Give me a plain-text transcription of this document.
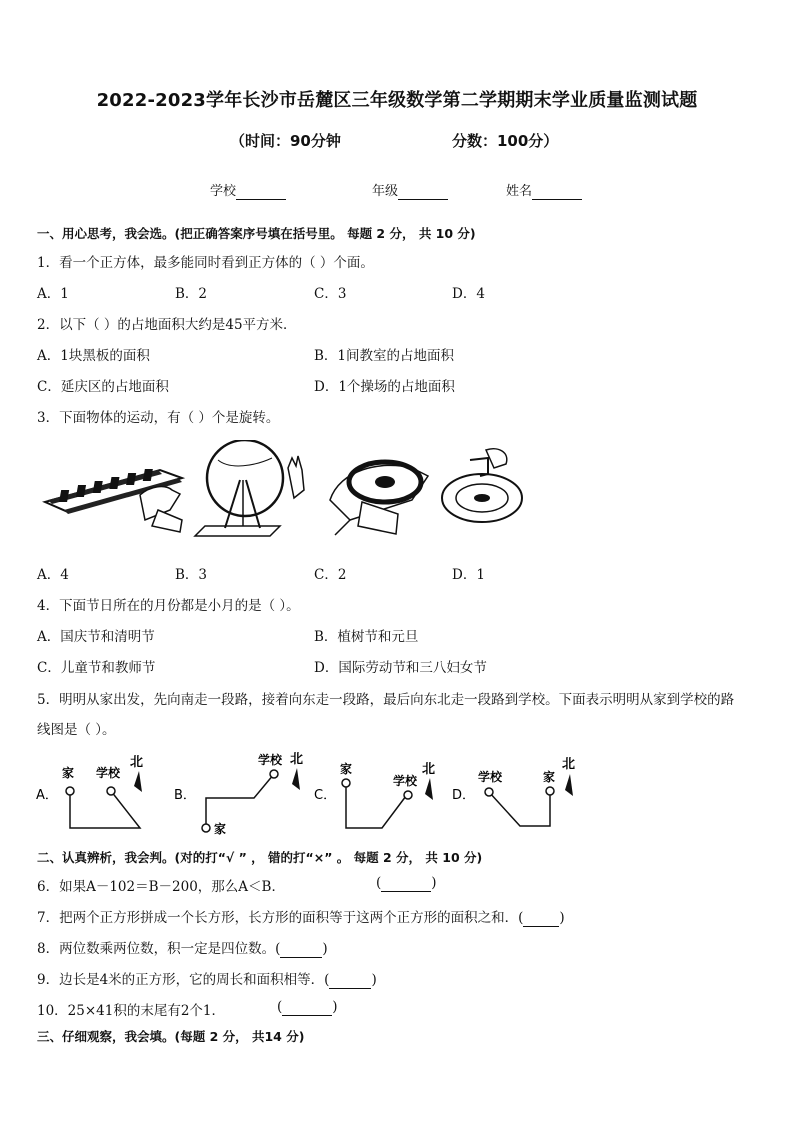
2022-2023学年长沙市岳麓区三年级数学第二学期期末学业质量监测试题
（时间：90分钟	分数：100分）
学校	年级	姓名
一、用心思考，我会选。(把正确答案序号填在括号里。 每题 2 分， 共 10 分)
1．看一个正方体，最多能同时看到正方体的（ ）个面。
A．1	B．2	C．3	D．4
2．以下（ ）的占地面积大约是45平方米．
A．1块黑板的面积	B．1间教室的占地面积
C．延庆区的占地面积	D．1个操场的占地面积
3．下面物体的运动，有（ ）个是旋转。
A．4	B．3	C．2	D．1
4．下面节日所在的月份都是小月的是（ ）。
A．国庆节和清明节	B．植树节和元旦
C．儿童节和教师节	D．国际劳动节和三八妇女节
5．明明从家出发，先向南走一段路，接着向东走一段路，最后向东北走一段路到学校。下面表示明明从家到学校的路
线图是（ ）。
A．
家 学校
北
B．
学校 北
家
C．
家
学校
北
D．
学校	家
北
二、认真辨析，我会判。(对的打“√ ” ， 错的打“×” 。 每题 2 分， 共 10 分)
6．如果A－102＝B－200，那么A＜B．	(	)
7．把两个正方形拼成一个长方形，长方形的面积等于这两个正方形的面积之和．(	)
8．两位数乘两位数，积一定是四位数。(	)
9．边长是4米的正方形，它的周长和面积相等．(	)
10．25×41积的末尾有2个1．	(	)
三、仔细观察，我会填。(每题 2 分， 共14 分)
